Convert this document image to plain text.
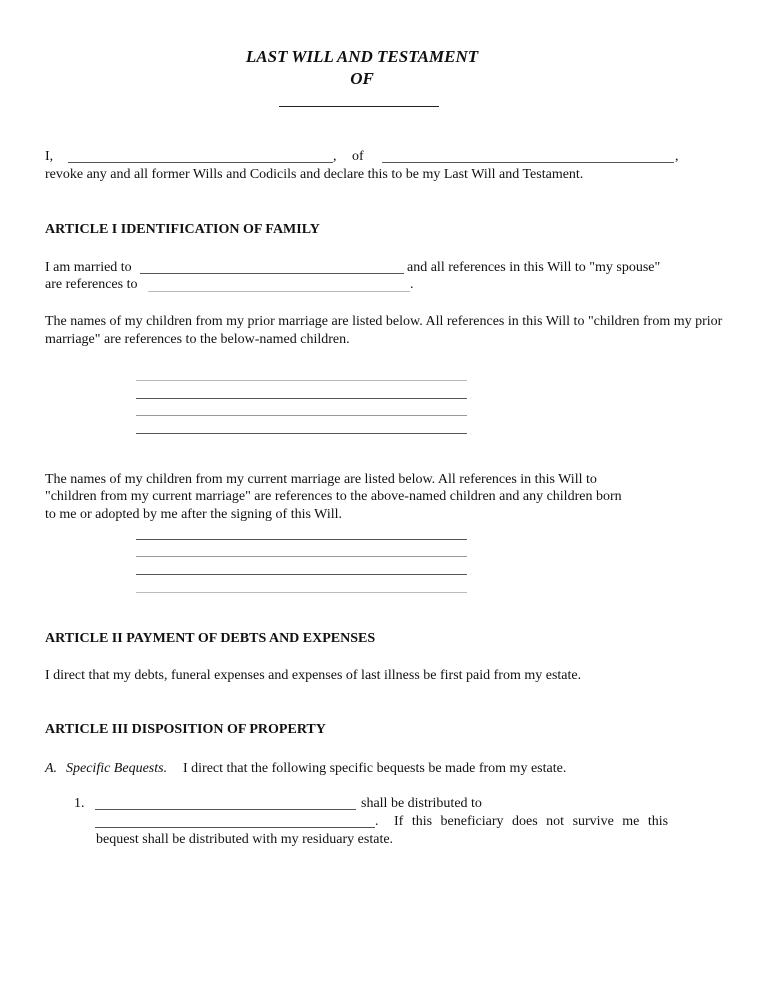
LAST WILL AND TESTAMENT
OF
I,	, of	,
revoke any and all former Wills and Codicils and declare this to be my Last Will and Testament.
ARTICLE I IDENTIFICATION OF FAMILY
I am married to	and all references in this Will to "my spouse"
are references to	.
The names of my children from my prior marriage are listed below. All references in this Will to "children from my prior marriage" are references to the below-named children.
The names of my children from my current marriage are listed below. All references in this Will to
"children from my current marriage" are references to the above-named children and any children born
to me or adopted by me after the signing of this Will.
ARTICLE II PAYMENT OF DEBTS AND EXPENSES
I direct that my debts, funeral expenses and expenses of last illness be first paid from my estate.
ARTICLE III DISPOSITION OF PROPERTY
A. Specific Bequests. I direct that the following specific bequests be made from my estate.
1.	shall be distributed to
. If this beneficiary does not survive me this
bequest shall be distributed with my residuary estate.
